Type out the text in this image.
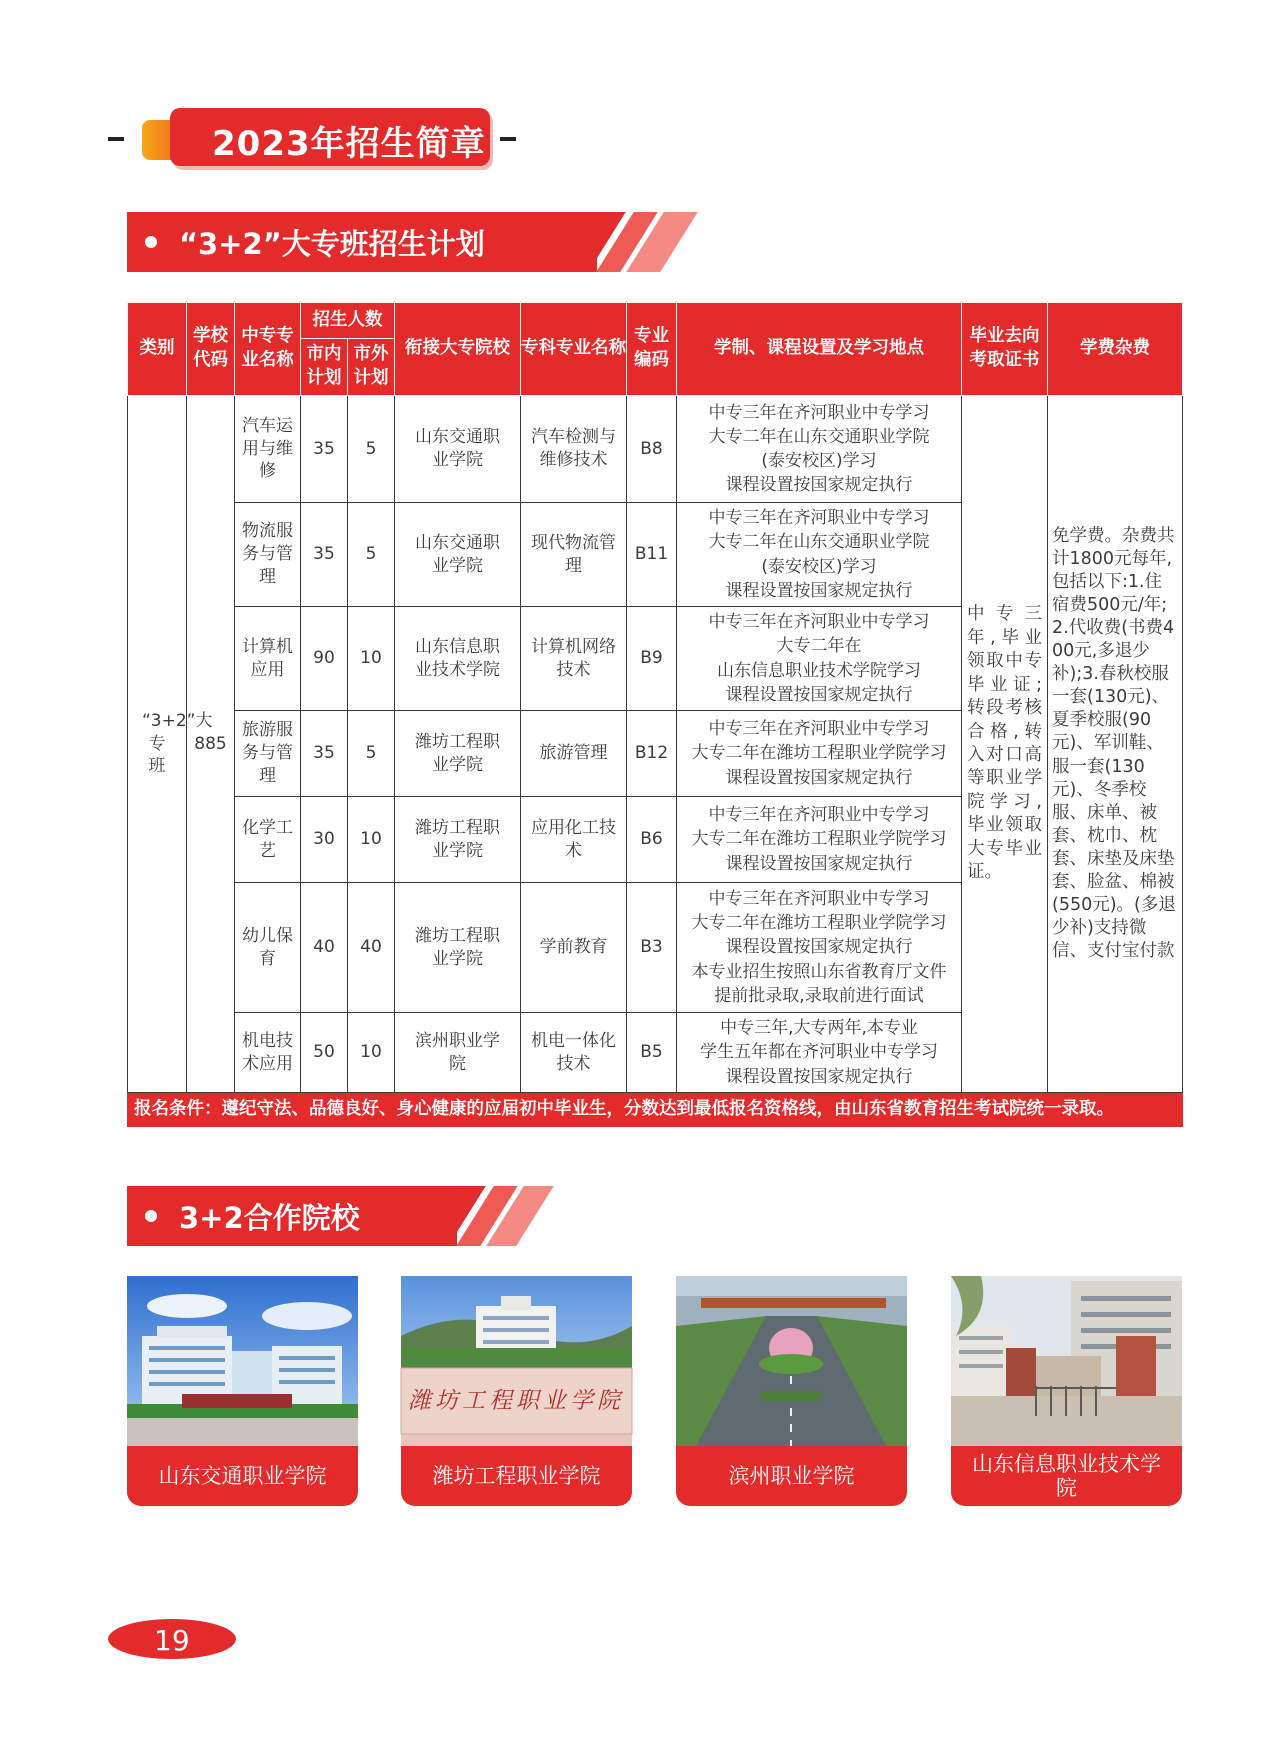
2023年招生简章
“3+2”大专班招生计划
类别	学校代码	中专专业名称	招生人数		衔接大专院校	专科专业名称	专业编码	学制、课程设置及学习地点	毕业去向考取证书	学费杂费
			市内计划	市外计划						
“3+2”大专班	885	汽车运用与维修	35	5	山东交通职业学院	汽车检测与维修技术	B8	中专三年在齐河职业中专学习
大专二年在山东交通职业学院
(泰安校区)学习
课程设置按国家规定执行	中专三年,毕业领取中专毕业证;转段考核合格,转入对口高等职业学院学习,毕业领取大专毕业证。	免学费。杂费共计1800元每年,包括以下:1.住宿费500元/年;2.代收费(书费400元,多退少补);3.春秋校服一套(130元)、夏季校服(90元)、军训鞋、服一套(130元)、冬季校服、床单、被套、枕巾、枕套、床垫及床垫套、脸盆、棉被(550元)。(多退少补)支持微信、支付宝付款
		物流服务与管理	35	5	山东交通职业学院	现代物流管理	B11	中专三年在齐河职业中专学习
大专二年在山东交通职业学院
(泰安校区)学习
课程设置按国家规定执行		

		计算机应用	90	10	山东信息职业技术学院	计算机网络技术	B9	中专三年在齐河职业中专学习
大专二年在
山东信息职业技术学院学习
课程设置按国家规定执行		

		旅游服务与管理	35	5	潍坊工程职业学院	旅游管理	B12	中专三年在齐河职业中专学习
大专二年在潍坊工程职业学院学习
课程设置按国家规定执行		

		化学工艺	30	10	潍坊工程职业学院	应用化工技术	B6	中专三年在齐河职业中专学习
大专二年在潍坊工程职业学院学习
课程设置按国家规定执行		

		幼儿保育	40	40	潍坊工程职业学院	学前教育	B3	中专三年在齐河职业中专学习
大专二年在潍坊工程职业学院学习
课程设置按国家规定执行
本专业招生按照山东省教育厅文件
提前批录取,录取前进行面试		

		机电技术应用	50	10	滨州职业学院	机电一体化技术	B5	中专三年,大专两年,本专业
学生五年都在齐河职业中专学习
课程设置按国家规定执行		

报名条件：遵纪守法、品德良好、身心健康的应届初中毕业生，分数达到最低报名资格线，由山东省教育招生考试院统一录取。										
3+2合作院校
山东交通职业学院
潍坊工程职业学院
潍坊工程职业学院	滨州职业学院
山东信息职业技术学院
19
